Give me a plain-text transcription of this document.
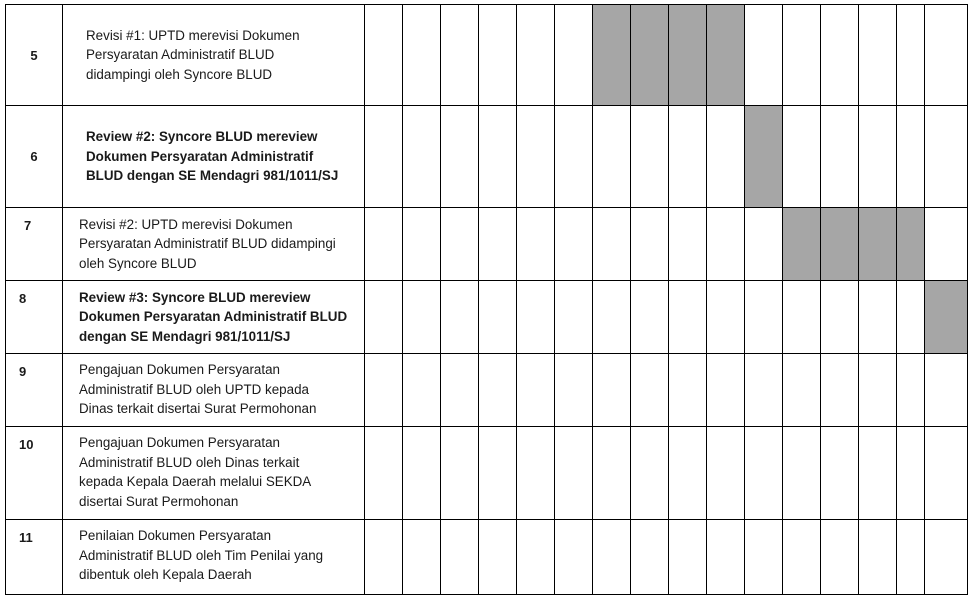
5	Revisi #1: UPTD merevisi Dokumen
Persyaratan Administratif BLUD
didampingi oleh Syncore BLUD																

6	Review #2: Syncore BLUD mereview
Dokumen Persyaratan Administratif
BLUD dengan SE Mendagri 981/1011/SJ																

7	Revisi #2: UPTD merevisi Dokumen
Persyaratan Administratif BLUD didampingi
oleh Syncore BLUD																

8	Review #3: Syncore BLUD mereview
Dokumen Persyaratan Administratif BLUD
dengan SE Mendagri 981/1011/SJ																

9	Pengajuan Dokumen Persyaratan
Administratif BLUD oleh UPTD kepada
Dinas terkait disertai Surat Permohonan																

10	Pengajuan Dokumen Persyaratan
Administratif BLUD oleh Dinas terkait
kepada Kepala Daerah melalui SEKDA
disertai Surat Permohonan																

11	Penilaian Dokumen Persyaratan
Administratif BLUD oleh Tim Penilai yang
dibentuk oleh Kepala Daerah																
